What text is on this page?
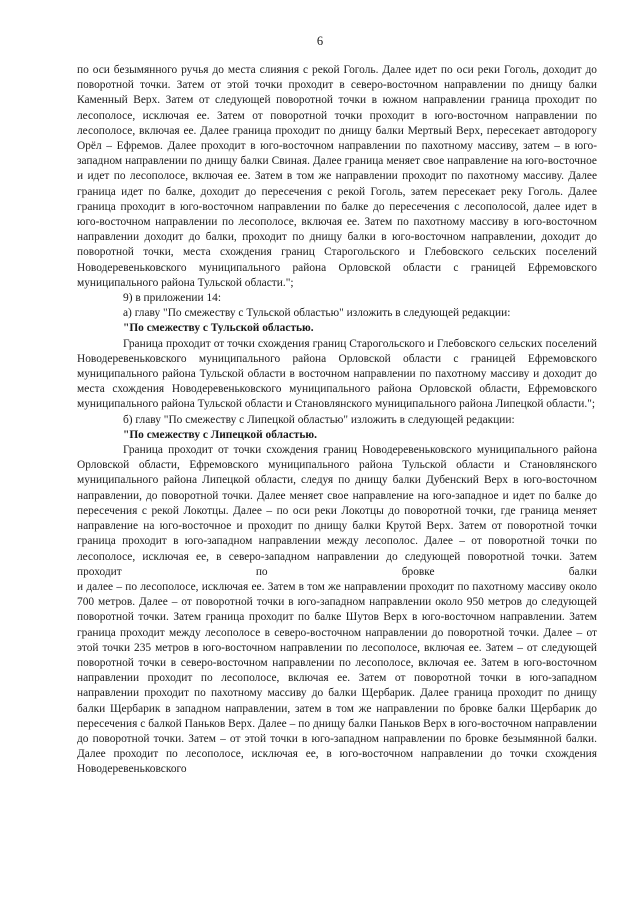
6

по оси безымянного ручья до места слияния с рекой Гоголь. Далее идет по оси реки Гоголь, доходит до поворотной точки. Затем от этой точки проходит в северо-восточном направлении по днищу балки Каменный Верх. Затем от следующей поворотной точки в южном направлении граница проходит по лесополосе, исключая ее. Затем от поворотной точки проходит в юго-восточном направлении по лесополосе, включая ее. Далее граница проходит по днищу балки Мертвый Верх, пересекает автодорогу Орёл – Ефремов. Далее проходит в юго-восточном направлении по пахотному массиву, затем – в юго-западном направлении по днищу балки Свиная. Далее граница меняет свое направление на юго-восточное и идет по лесополосе, включая ее. Затем в том же направлении проходит по пахотному массиву. Далее граница идет по балке, доходит до пересечения с рекой Гоголь, затем пересекает реку Гоголь. Далее граница проходит в юго-восточном направлении по балке до пересечения с лесополосой, далее идет в юго-восточном направлении по лесополосе, включая ее. Затем по пахотному массиву в юго-восточном направлении доходит до балки, проходит по днищу балки в юго-восточном направлении, доходит до поворотной точки, места схождения границ Старогольского и Глебовского сельских поселений Новодеревеньковского муниципального района Орловской области с границей Ефремовского муниципального района Тульской области.";

9) в приложении 14:

а) главу "По смежеству с Тульской областью" изложить в следующей редакции:

"По смежеству с Тульской областью.

Граница проходит от точки схождения границ Старогольского и Глебовского сельских поселений Новодеревеньковского муниципального района Орловской области с границей Ефремовского муниципального района Тульской области в восточном направлении по пахотному массиву и доходит до места схождения Новодеревеньковского муниципального района Орловской области, Ефремовского муниципального района Тульской области и Становлянского муниципального района Липецкой области.";

б) главу "По смежеству с Липецкой областью" изложить в следующей редакции:

"По смежеству с Липецкой областью.

Граница проходит от точки схождения границ Новодеревеньковского муниципального района Орловской области, Ефремовского муниципального района Тульской области и Становлянского муниципального района Липецкой области, следуя по днищу балки Дубенский Верх в юго-восточном направлении, до поворотной точки. Далее меняет свое направление на юго-западное и идет по балке до пересечения с рекой Локотцы. Далее – по оси реки Локотцы до поворотной точки, где граница меняет направление на юго-восточное и проходит по днищу балки Крутой Верх. Затем от поворотной точки граница проходит в юго-западном направлении между лесополос. Далее – от поворотной точки по лесополосе, исключая ее, в северо-западном направлении до следующей поворотной точки. Затем проходит по бровке балки

и далее – по лесополосе, исключая ее. Затем в том же направлении проходит по пахотному массиву около 700 метров. Далее – от поворотной точки в юго-западном направлении около 950 метров до следующей поворотной точки. Затем граница проходит по балке Шутов Верх в юго-восточном направлении. Затем граница проходит между лесополосе в северо-восточном направлении до поворотной точки. Далее – от этой точки 235 метров в юго-восточном направлении по лесополосе, включая ее. Затем – от следующей поворотной точки в северо-восточном направлении по лесополосе, включая ее. Затем в юго-восточном направлении проходит по лесополосе, включая ее. Затем от поворотной точки в юго-западном направлении проходит по пахотному массиву до балки Щербарик. Далее граница проходит по днищу балки Щербарик в западном направлении, затем в том же направлении по бровке балки Щербарик до пересечения с балкой Паньков Верх. Далее – по днищу балки Паньков Верх в юго-восточном направлении до поворотной точки. Затем – от этой точки в юго-западном направлении по бровке безымянной балки. Далее проходит по лесополосе, исключая ее, в юго-восточном направлении до точки схождения Новодеревеньковского
